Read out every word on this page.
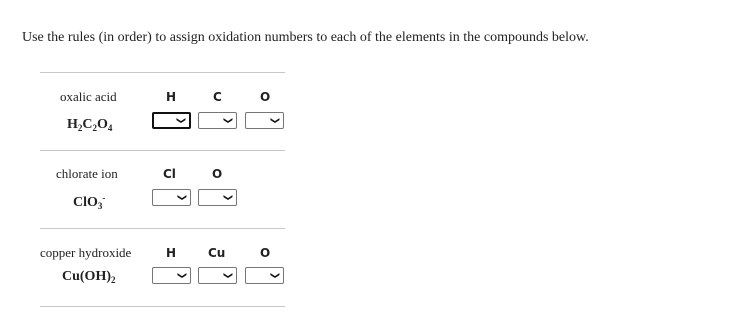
Use the rules (in order) to assign oxidation numbers to each of the elements in the compounds below.
oxalic acid
$H_2C_2O_4$
H	C	O
❯	❯	❯
chlorate ion
ClO$_3$-
Cl	O
❯	❯
copper hydroxide
$Cu(OH)_2$
H	Cu	O
❯	❯	❯
